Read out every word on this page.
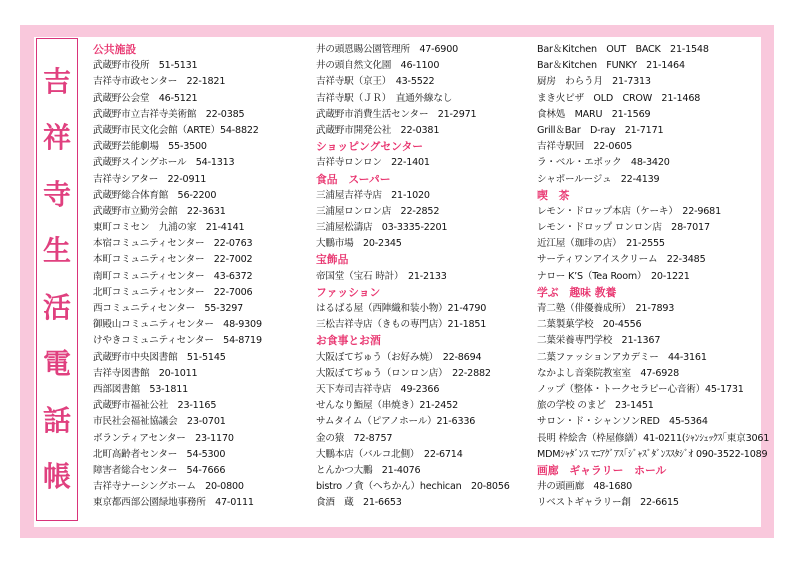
吉
祥
寺
生
活
電
話
帳
公共施設
武蔵野市役所　51-5131
吉祥寺市政センター　22-1821
武蔵野公会堂　46-5121
武蔵野市立吉祥寺美術館　22-0385
武蔵野市民文化会館（ARTE）54-8822
武蔵野芸能劇場　55-3500
武蔵野スイングホール　54-1313
吉祥寺シアター　22-0911
武蔵野総合体育館　56-2200
武蔵野市立勤労会館　22-3631
東町コミセン　九浦の家　21-4141
本宿コミュニティセンター　22-0763
本町コミュニティセンター　22-7002
南町コミュニティセンター　43-6372
北町コミュニティセンター　22-7006
西コミュニティセンター　55-3297
御殿山コミュニティセンター　48-9309
けやきコミュニティセンター　54-8719
武蔵野市中央図書館　51-5145
吉祥寺図書館　20-1011
西部図書館　53-1811
武蔵野市福祉公社　23-1165
市民社会福祉協議会　23-0701
ボランティアセンター　23-1170
北町高齢者センター　54-5300
障害者総合センター　54-7666
吉祥寺ナーシングホーム　20-0800
東京都西部公園緑地事務所　47-0111
井の頭恩賜公園管理所　47-6900
井の頭自然文化園　46-1100
吉祥寺駅（京王）　43-5522
吉祥寺駅（ＪＲ）　直通外線なし
武蔵野市消費生活センター　21-2971
武蔵野市開発公社　22-0381
ショッピングセンター
吉祥寺ロンロン　22-1401
食品　スーパー
三浦屋吉祥寺店　21-1020
三浦屋ロンロン店　22-2852
三浦屋松濤店　03-3335-2201
大鵬市場　20-2345
宝飾品
帝国堂（宝石 時計）　21-2133
ファッション
はるばる屋（西陣織和装小物）21-4790
三松吉祥寺店（きもの専門店）21-1851
お食事とお酒
大阪ぼてぢゅう（お好み焼）　22-8694
大阪ぼてぢゅう（ロンロン店）　22-2882
天下寿司吉祥寺店　49-2366
せんなり鮨屋（串焼き）21-2452
サムタイム（ピアノホール）21-6336
金の猿　72-8757
大鵬本店（バルコ北側）　22-6714
とんかつ大鵬　21-4076
bistro ノ貪（へちかん）hechican　20-8056
食酒　蔵　21-6653
Bar＆Kitchen　OUT　BACK　21-1548
Bar＆Kitchen　FUNKY　21-1464
厨房　わらう月　21-7313
まき火ピザ　OLD　CROW　21-1468
食林処　MARU　21-1569
Grill＆Bar　D-ray　21-7171
吉祥寺駅回　22-0605
ラ・ベル・エポック　48-3420
シャポールージュ　22-4139
喫　茶
レモン・ドロップ本店（ケーキ）　22-9681
レモン・ドロップ ロンロン店　28-7017
近江屋（珈琲の店）　21-2555
サーティワンアイスクリーム　22-3485
ナロー K’S（Tea Room）　20-1221
学ぶ　趣味 教養
青二塾（俳優養成所）　21-7893
二葉製菓学校　20-4556
二葉栄養専門学校　21-1367
二葉ファッションアカデミー　44-3161
なかよし音楽院教室室　47-6928
ノップ（整体・トークセラピー心音術）45-1731
旅の学校 のまど　23-1451
サロン・ド・シャンソンRED　45-5364
長明 枠絵舎（枠屋修繕）41-0211(ｼｬﾝｼｪｯｸｽ｢東京3061
MDMｼｬﾀﾞﾝｽ ﾏﾆｱｸﾞｱｽ｢ｼﾞｬｽﾞﾀﾞﾝｽｽﾀｼﾞｵ 090-3522-1089
画廊　ギャラリー　ホール
井の頭画廊　48-1680
リベストギャラリー創　22-6615
